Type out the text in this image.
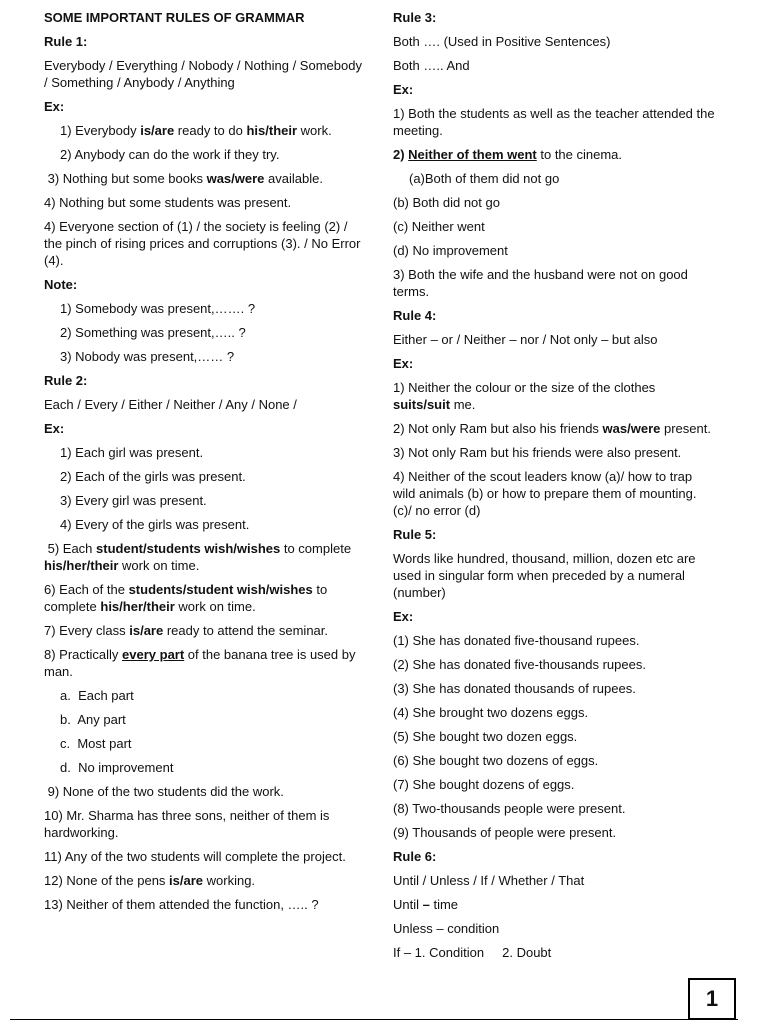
SOME IMPORTANT RULES OF GRAMMAR
Rule 1:
Everybody / Everything / Nobody / Nothing / Somebody / Something / Anybody / Anything
Ex:
1) Everybody is/are ready to do his/their work.
2) Anybody can do the work if they try.
3) Nothing but some books was/were available.
4) Nothing but some students was present.
4) Everyone section of (1) / the society is feeling (2) / the pinch of rising prices and corruptions (3). / No Error (4).
Note:
1) Somebody was present,……. ?
2) Something was present,….. ?
3) Nobody was present,…… ?
Rule 2:
Each / Every / Either / Neither / Any / None /
Ex:
1) Each girl was present.
2) Each of the girls was present.
3) Every girl was present.
4) Every of the girls was present.
5) Each student/students wish/wishes to complete his/her/their work on time.
6) Each of the students/student wish/wishes to complete his/her/their work on time.
7) Every class is/are ready to attend the seminar.
8) Practically every part of the banana tree is used by man.
a.  Each part
b.  Any part
c.  Most part
d.  No improvement
9) None of the two students did the work.
10) Mr. Sharma has three sons, neither of them is hardworking.
11) Any of the two students will complete the project.
12) None of the pens is/are working.
13) Neither of them attended the function, ….. ?
Rule 3:
Both …. (Used in Positive Sentences)
Both ….. And
Ex:
1) Both the students as well as the teacher attended the meeting.
2) Neither of them went to the cinema.
(a)Both of them did not go
(b) Both did not go
(c) Neither went
(d) No improvement
3) Both the wife and the husband were not on good terms.
Rule 4:
Either – or / Neither – nor / Not only – but also
Ex:
1) Neither the colour or the size of the clothes suits/suit me.
2) Not only Ram but also his friends was/were present.
3) Not only Ram but his friends were also present.
4) Neither of the scout leaders know (a)/ how to trap wild animals (b) or how to prepare them of mounting. (c)/ no error (d)
Rule 5:
Words like hundred, thousand, million, dozen etc are used in singular form when preceded by a numeral (number)
Ex:
(1) She has donated five-thousand rupees.
(2) She has donated five-thousands rupees.
(3) She has donated thousands of rupees.
(4) She brought two dozens eggs.
(5) She bought two dozen eggs.
(6) She bought two dozens of eggs.
(7) She bought dozens of eggs.
(8) Two-thousands people were present.
(9) Thousands of people were present.
Rule 6:
Until / Unless / If / Whether / That
Until – time
Unless – condition
If – 1. Condition     2. Doubt
1
